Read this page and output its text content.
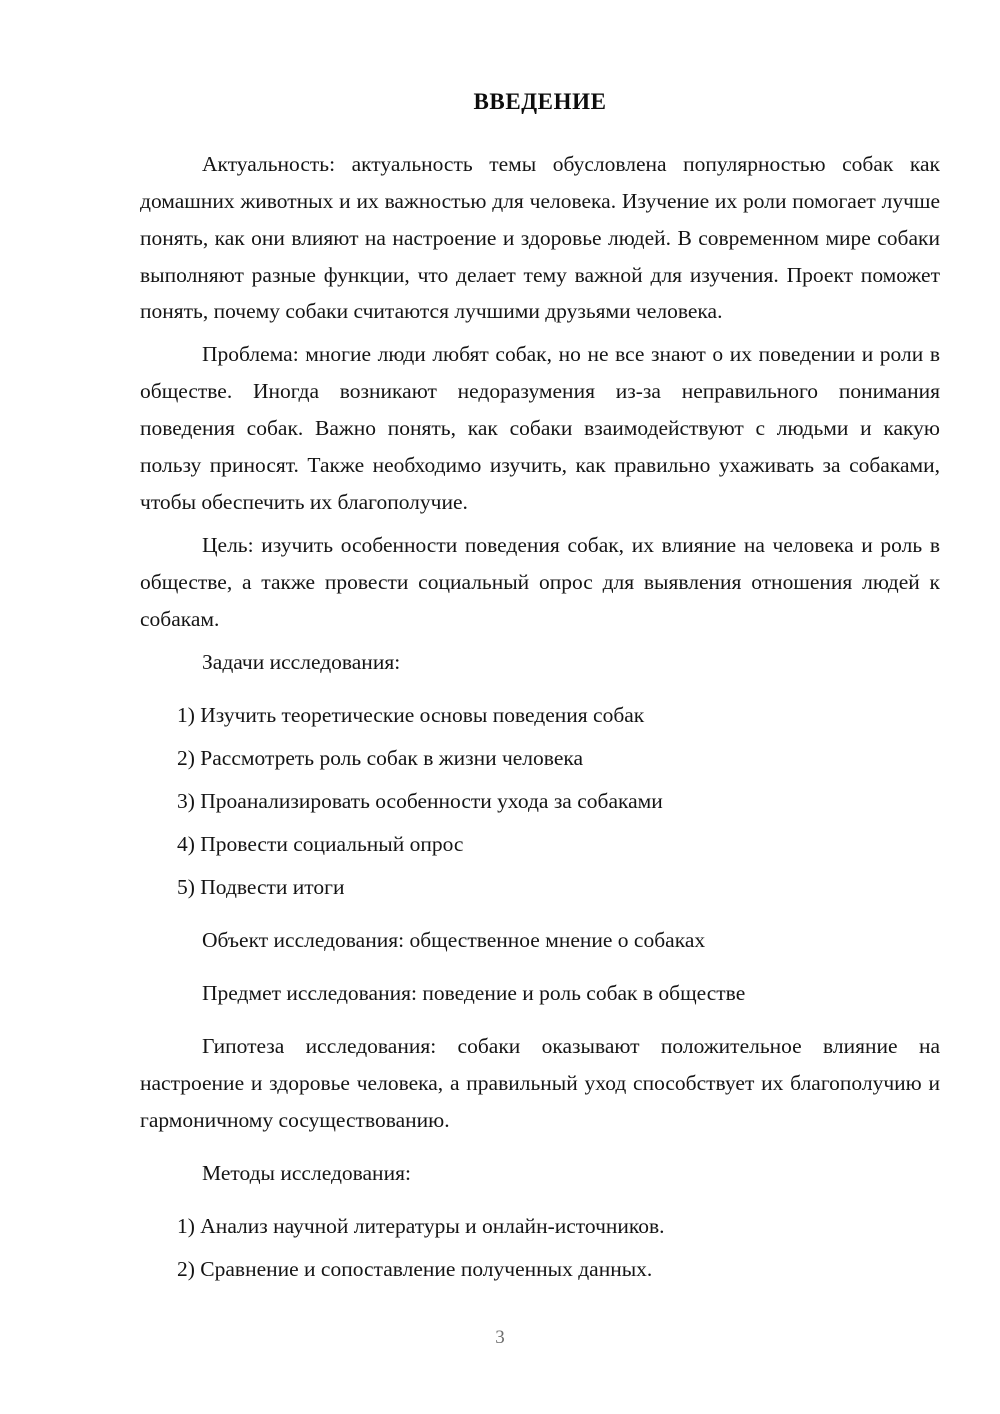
ВВЕДЕНИЕ

Актуальность: актуальность темы обусловлена популярностью собак как домашних животных и их важностью для человека. Изучение их роли помогает лучше понять, как они влияют на настроение и здоровье людей. В современном мире собаки выполняют разные функции, что делает тему важной для изучения. Проект поможет понять, почему собаки считаются лучшими друзьями человека.

Проблема: многие люди любят собак, но не все знают о их поведении и роли в обществе. Иногда возникают недоразумения из-за неправильного понимания поведения собак. Важно понять, как собаки взаимодействуют с людьми и какую пользу приносят. Также необходимо изучить, как правильно ухаживать за собаками, чтобы обеспечить их благополучие.

Цель: изучить особенности поведения собак, их влияние на человека и роль в обществе, а также провести социальный опрос для выявления отношения людей к собакам.

Задачи исследования:

1) Изучить теоретические основы поведения собак

2) Рассмотреть роль собак в жизни человека

3) Проанализировать особенности ухода за собаками

4) Провести социальный опрос

5) Подвести итоги

Объект исследования: общественное мнение о собаках

Предмет исследования: поведение и роль собак в обществе

Гипотеза исследования: собаки оказывают положительное влияние на настроение и здоровье человека, а правильный уход способствует их благополучию и гармоничному сосуществованию.

Методы исследования:

1) Анализ научной литературы и онлайн-источников.

2) Сравнение и сопоставление полученных данных.

3
